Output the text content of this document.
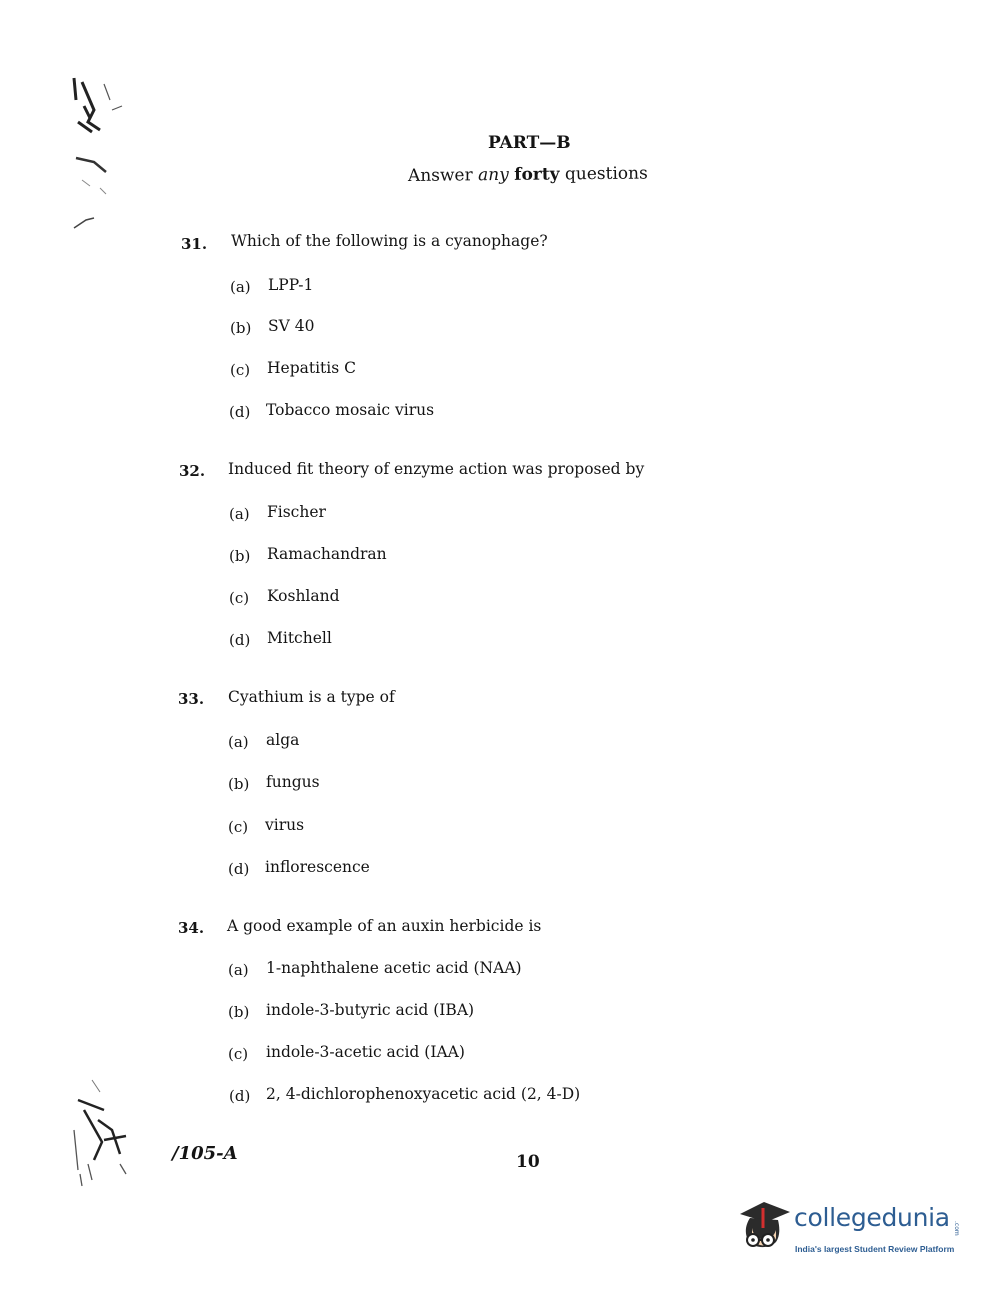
PART—B
Answer any forty questions
31. Which of the following is a cyanophage?
(a) LPP-1
(b) SV 40
(c) Hepatitis C
(d) Tobacco mosaic virus
32. Induced fit theory of enzyme action was proposed by
(a) Fischer
(b) Ramachandran
(c) Koshland
(d) Mitchell
33. Cyathium is a type of
(a) alga
(b) fungus
(c) virus
(d) inflorescence
34. A good example of an auxin herbicide is
(a) 1-naphthalene acetic acid (NAA)
(b) indole-3-butyric acid (IBA)
(c) indole-3-acetic acid (IAA)
(d) 2, 4-dichlorophenoxyacetic acid (2, 4-D)
/105-A	10
collegedunia .com
India's largest Student Review Platform
